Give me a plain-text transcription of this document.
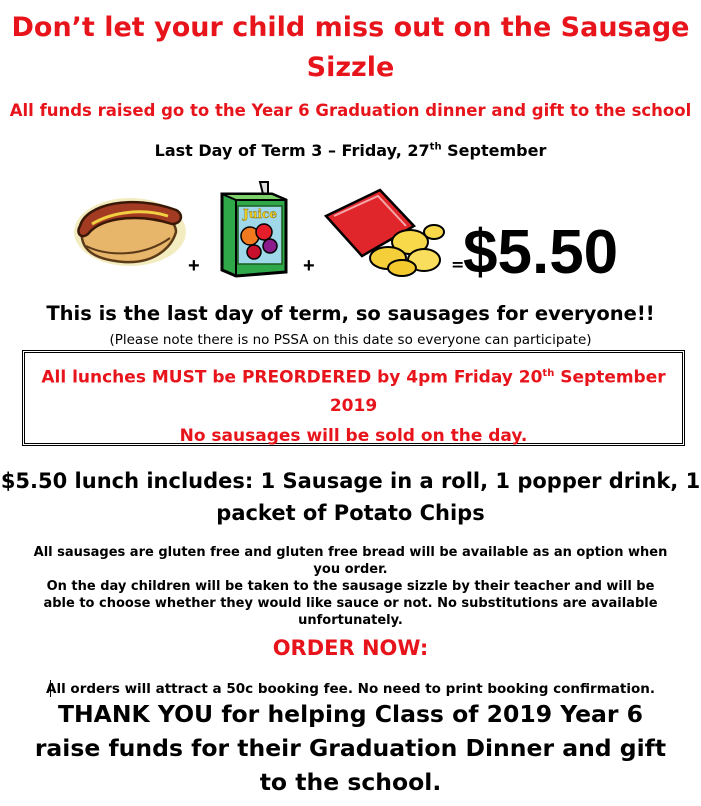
Don’t let your child miss out on the Sausage Sizzle
All funds raised go to the Year 6 Graduation dinner and gift to the school
Last Day of Term 3 – Friday, 27th September
+
Juice
+	=
$5.50
This is the last day of term, so sausages for everyone!!
(Please note there is no PSSA on this date so everyone can participate)
All lunches MUST be PREORDERED by 4pm Friday 20th September 2019
No sausages will be sold on the day.
$5.50 lunch includes: 1 Sausage in a roll, 1 popper drink, 1 packet of Potato Chips
All sausages are gluten free and gluten free bread will be available as an option when you order.
On the day children will be taken to the sausage sizzle by their teacher and will be able to choose whether they would like sauce or not. No substitutions are available unfortunately.
ORDER NOW:
All orders will attract a 50c booking fee. No need to print booking confirmation.
THANK YOU for helping Class of 2019 Year 6 raise funds for their Graduation Dinner and gift to the school.
